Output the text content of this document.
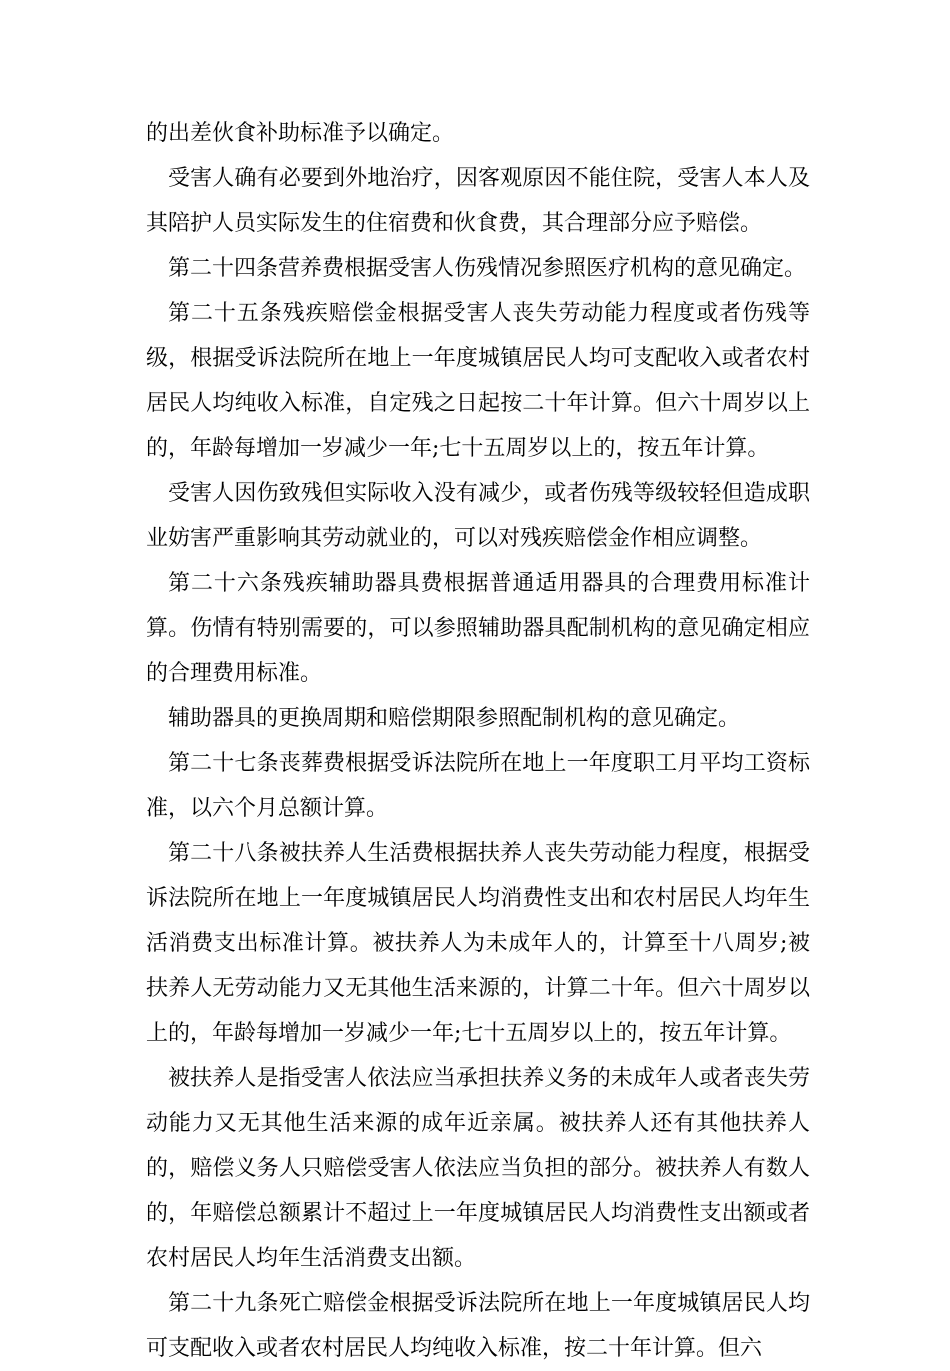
的出差伙食补助标准予以确定。

受害人确有必要到外地治疗，因客观原因不能住院，受害人本人及其陪护人员实际发生的住宿费和伙食费，其合理部分应予赔偿。

第二十四条营养费根据受害人伤残情况参照医疗机构的意见确定。

第二十五条残疾赔偿金根据受害人丧失劳动能力程度或者伤残等级，根据受诉法院所在地上一年度城镇居民人均可支配收入或者农村居民人均纯收入标准，自定残之日起按二十年计算。但六十周岁以上的，年龄每增加一岁减少一年;七十五周岁以上的，按五年计算。

受害人因伤致残但实际收入没有减少，或者伤残等级较轻但造成职业妨害严重影响其劳动就业的，可以对残疾赔偿金作相应调整。

第二十六条残疾辅助器具费根据普通适用器具的合理费用标准计算。伤情有特别需要的，可以参照辅助器具配制机构的意见确定相应的合理费用标准。

辅助器具的更换周期和赔偿期限参照配制机构的意见确定。

第二十七条丧葬费根据受诉法院所在地上一年度职工月平均工资标准，以六个月总额计算。

第二十八条被扶养人生活费根据扶养人丧失劳动能力程度，根据受诉法院所在地上一年度城镇居民人均消费性支出和农村居民人均年生活消费支出标准计算。被扶养人为未成年人的，计算至十八周岁;被扶养人无劳动能力又无其他生活来源的，计算二十年。但六十周岁以上的，年龄每增加一岁减少一年;七十五周岁以上的，按五年计算。

被扶养人是指受害人依法应当承担扶养义务的未成年人或者丧失劳动能力又无其他生活来源的成年近亲属。被扶养人还有其他扶养人的，赔偿义务人只赔偿受害人依法应当负担的部分。被扶养人有数人的，年赔偿总额累计不超过上一年度城镇居民人均消费性支出额或者农村居民人均年生活消费支出额。

第二十九条死亡赔偿金根据受诉法院所在地上一年度城镇居民人均可支配收入或者农村居民人均纯收入标准，按二十年计算。但六
